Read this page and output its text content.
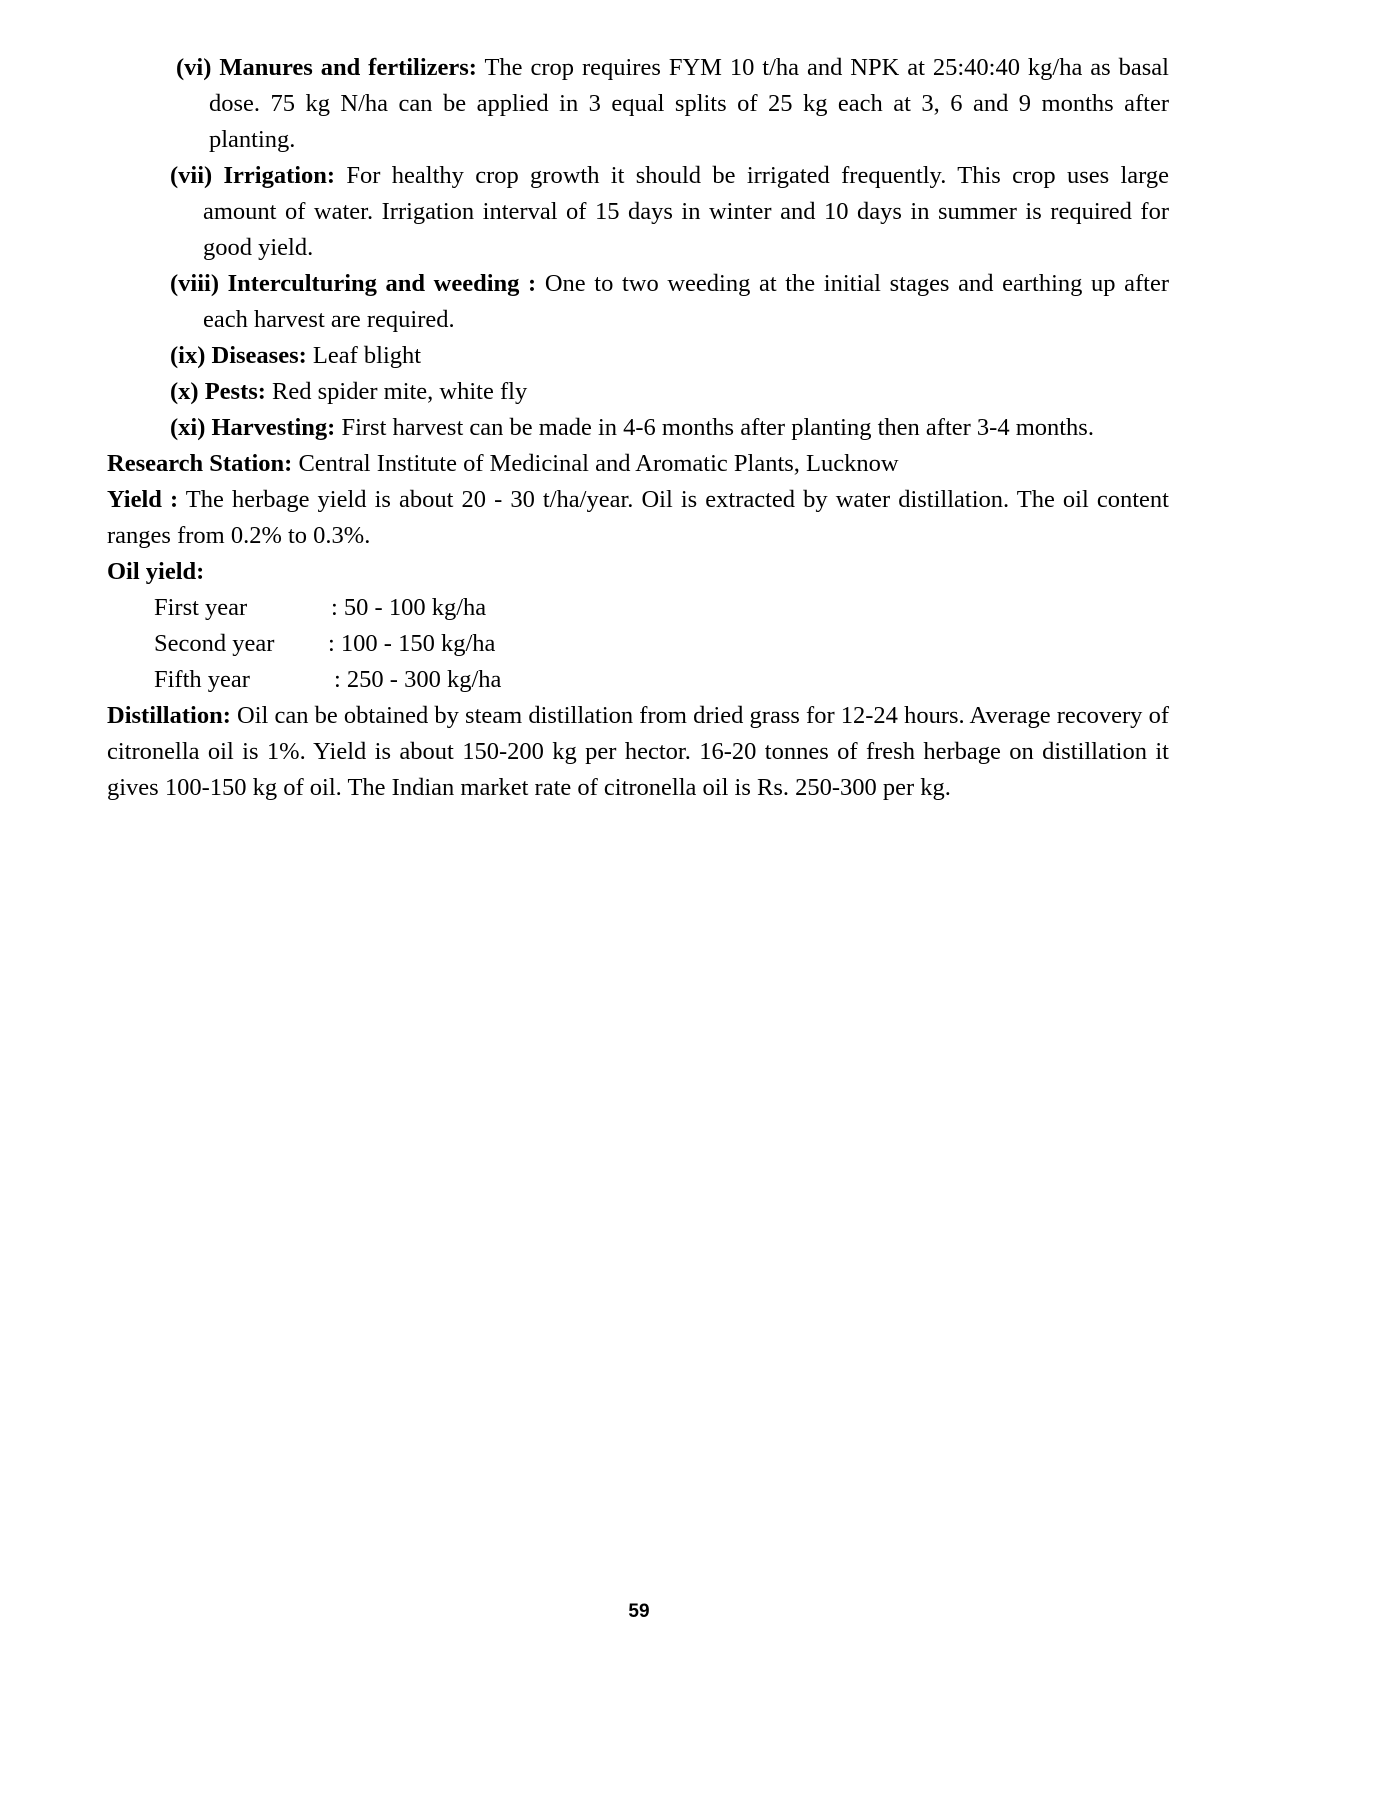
(vi) Manures and fertilizers: The crop requires FYM 10 t/ha and NPK at 25:40:40 kg/ha as basal dose. 75 kg N/ha can be applied in 3 equal splits of 25 kg each at 3, 6 and 9 months after planting.
(vii) Irrigation: For healthy crop growth it should be irrigated frequently. This crop uses large amount of water. Irrigation interval of 15 days in winter and 10 days in summer is required for good yield.
(viii) Interculturing and weeding : One to two weeding at the initial stages and earthing up after each harvest are required.
(ix) Diseases: Leaf blight
(x) Pests: Red spider mite, white fly
(xi) Harvesting: First harvest can be made in 4-6 months after planting then after 3-4 months.
Research Station: Central Institute of Medicinal and Aromatic Plants, Lucknow
Yield : The herbage yield is about 20 - 30 t/ha/year. Oil is extracted by water distillation. The oil content ranges from 0.2% to 0.3%.
Oil yield:
First year	: 50 - 100 kg/ha
Second year : 100 - 150 kg/ha
Fifth year	: 250 - 300 kg/ha
Distillation: Oil can be obtained by steam distillation from dried grass for 12-24 hours. Average recovery of citronella oil is 1%. Yield is about 150-200 kg per hector. 16-20 tonnes of fresh herbage on distillation it gives 100-150 kg of oil. The Indian market rate of citronella oil is Rs. 250-300 per kg.
59
